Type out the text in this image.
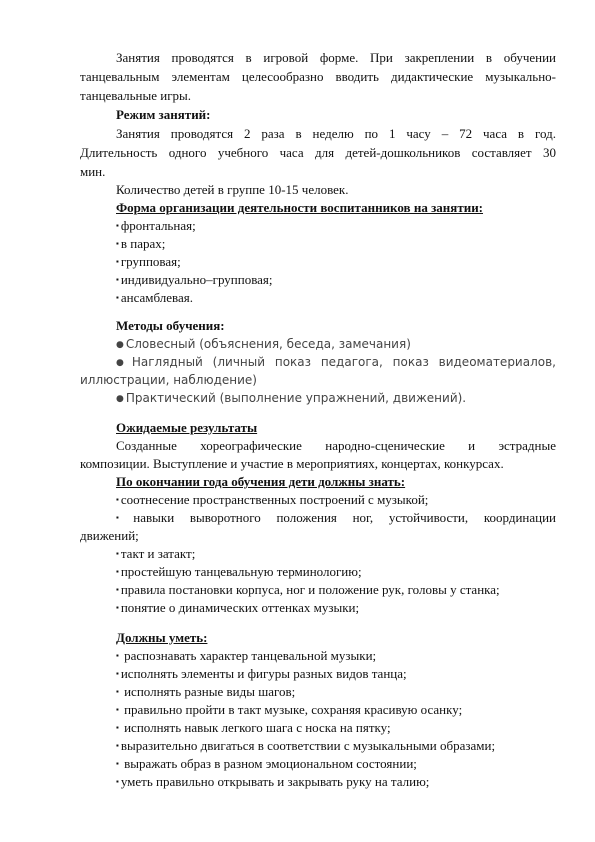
Занятия проводятся в игровой форме. При закреплении в обучении
танцевальным элементам целесообразно вводить дидактические музыкально-
танцевальные игры.
Режим занятий:
Занятия проводятся 2 раза в неделю по 1 часу – 72 часа в год.
Длительность одного учебного часа для детей-дошкольников составляет 30
мин.
Количество детей в группе 10-15 человек.
Форма организации деятельности воспитанников на занятии:
▪ фронтальная;
▪ в парах;
▪ групповая;
▪ индивидуально–групповая;
▪ ансамблевая.
Методы обучения:
● Словесный (объяснения, беседа, замечания)
● Наглядный (личный показ педагога, показ видеоматериалов,
иллюстрации, наблюдение)
● Практический (выполнение упражнений, движений).
Ожидаемые результаты
Созданные хореографические народно-сценические и эстрадные
композиции. Выступление и участие в мероприятиях, концертах, конкурсах.
По окончании года обучения дети должны знать:
▪ соотнесение пространственных построений с музыкой;
▪ навыки выворотного положения ног, устойчивости, координации
движений;
▪ такт и затакт;
▪ простейшую танцевальную терминологию;
▪ правила постановки корпуса, ног и положение рук, головы у станка;
▪ понятие о динамических оттенках музыки;
Должны уметь:
▪ распознавать характер танцевальной музыки;
▪ исполнять элементы и фигуры разных видов танца;
▪ исполнять разные виды шагов;
▪ правильно пройти в такт музыке, сохраняя красивую осанку;
▪ исполнять навык легкого шага с носка на пятку;
▪ выразительно двигаться в соответствии с музыкальными образами;
▪ выражать образ в разном эмоциональном состоянии;
▪ уметь правильно открывать и закрывать руку на талию;
